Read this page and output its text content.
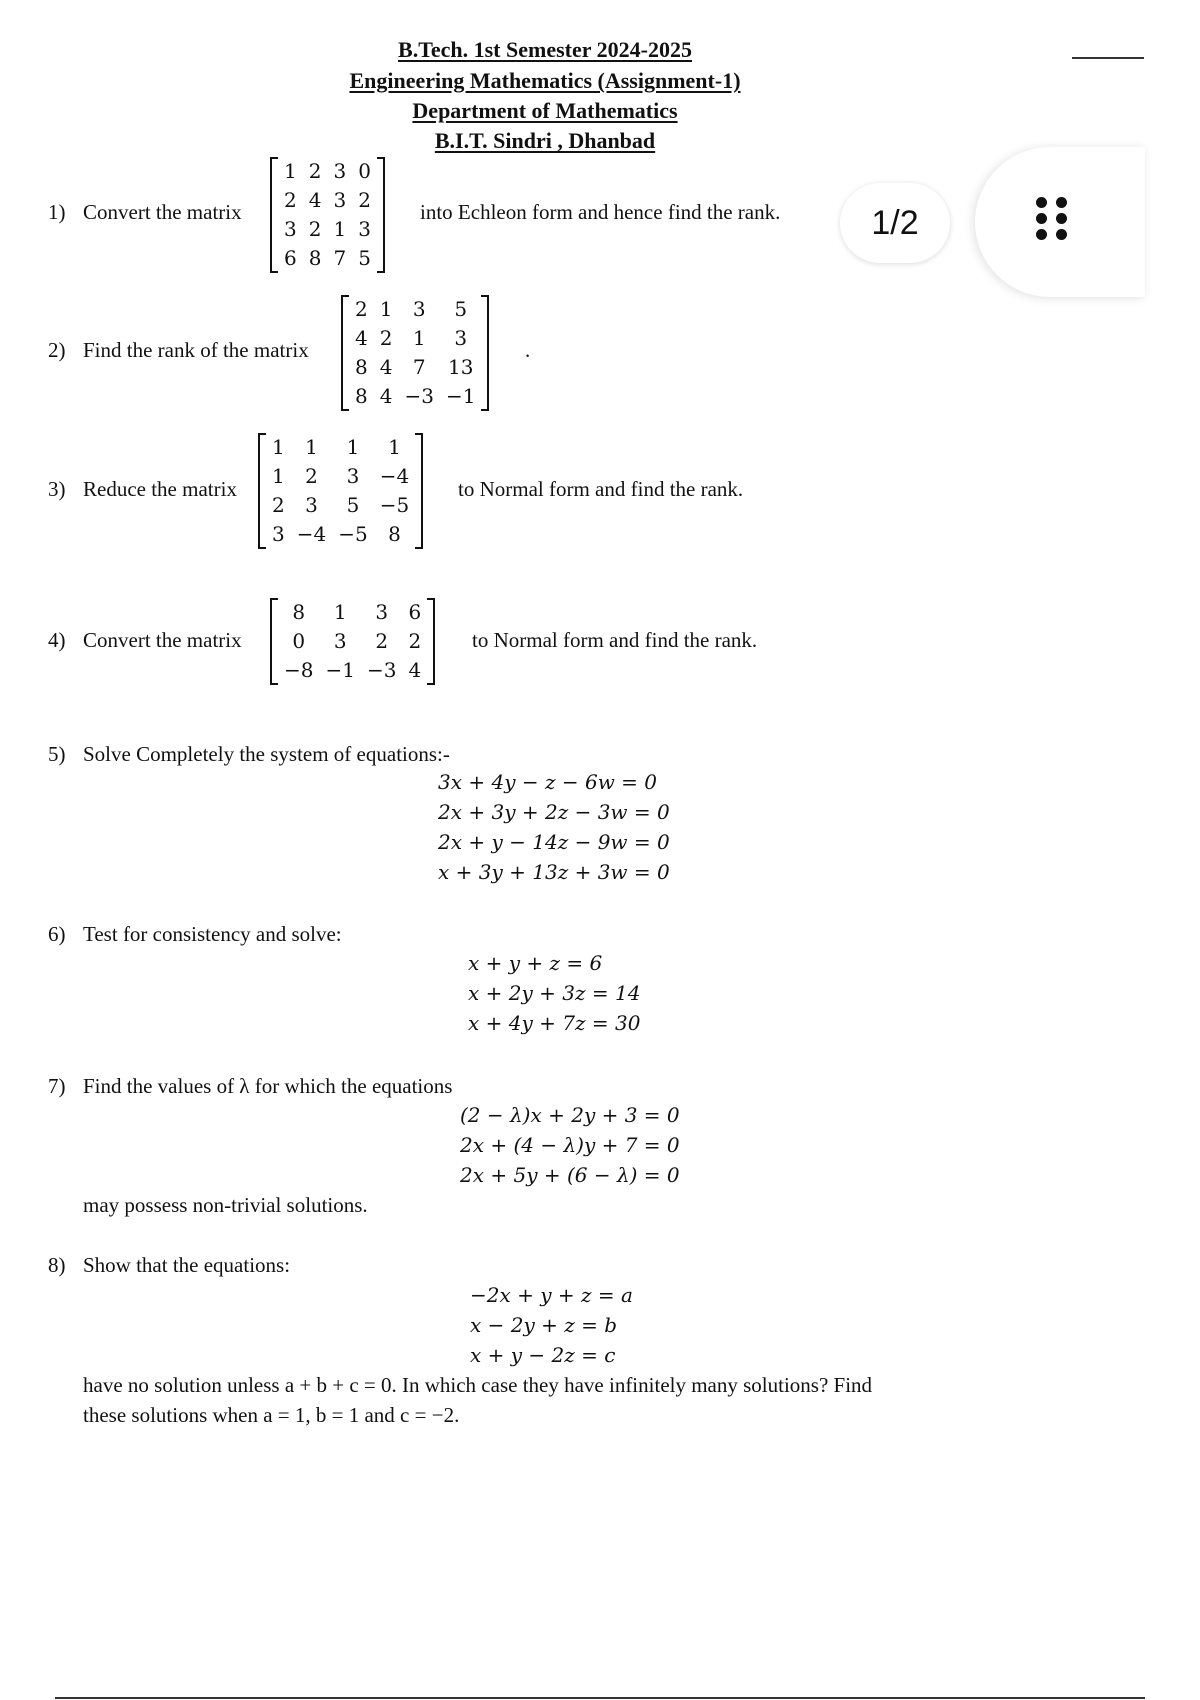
B.Tech. 1st Semester 2024-2025
Engineering Mathematics (Assignment-1)
Department of Mathematics
B.I.T. Sindri , Dhanbad
1/2
1) Convert the matrix
1	2	3	0
2	4	3	2
3	2	1	3
6	8	7	5
into Echleon form and hence find the rank.
2) Find the rank of the matrix
2	1	3	5
4	2	1	3
8	4	7	13
8	4	−3	−1
.
3) Reduce the matrix
1	1	1	1
1	2	3	−4
2	3	5	−5
3	−4	−5	8
to Normal form and find the rank.
4) Convert the matrix
8	1	3	6
0	3	2	2
−8	−1	−3	4
to Normal form and find the rank.
5) Solve Completely the system of equations:-
3x + 4y − z − 6w = 0
2x + 3y + 2z − 3w = 0
2x + y − 14z − 9w = 0
x + 3y + 13z + 3w = 0
6) Test for consistency and solve:
x + y + z = 6
x + 2y + 3z = 14
x + 4y + 7z = 30
7) Find the values of λ for which the equations
(2 − λ)x + 2y + 3 = 0
2x + (4 − λ)y + 7 = 0
2x + 5y + (6 − λ) = 0
may possess non-trivial solutions.
8) Show that the equations:
−2x + y + z = a
x − 2y + z = b
x + y − 2z = c
have no solution unless a + b + c = 0. In which case they have infinitely many solutions? Find
these solutions when a = 1, b = 1 and c = −2.
